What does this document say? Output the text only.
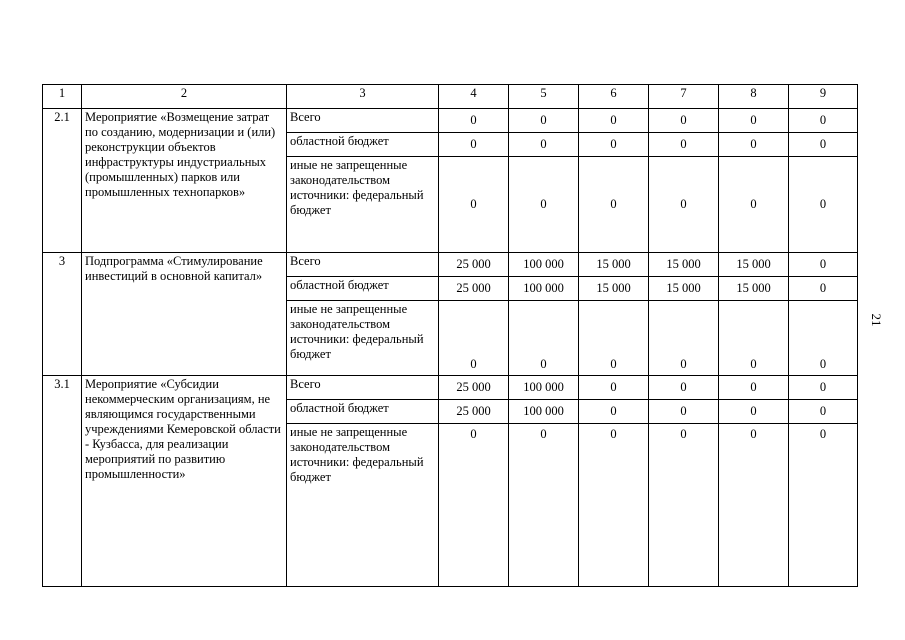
1	2	3	4	5	6	7	8	9
2.1	Мероприятие «Возмещение затрат по созданию, модернизации и (или) реконструкции объектов инфраструктуры индустриальных (промышленных) парков или промышленных технопарков»	Всего	0	0	0	0	0	0
		областной бюджет	0	0	0	0	0	0
		иные не запрещенные законодательством источники: федеральный бюджет	0	0	0	0	0	0
3	Подпрограмма «Стимулирование инвестиций в основной капитал»	Всего	25 000	100 000	15 000	15 000	15 000	0
		областной бюджет	25 000	100 000	15 000	15 000	15 000	0
		иные не запрещенные законодательством источники: федеральный бюджет	0	0	0	0	0	0
3.1	Мероприятие «Субсидии некоммерческим организациям, не являющимся государственными учреждениями Кемеровской области - Кузбасса, для реализации мероприятий по развитию промышленности»	Всего	25 000	100 000	0	0	0	0
		областной бюджет	25 000	100 000	0	0	0	0
		иные не запрещенные законодательством источники: федеральный бюджет	0	0	0	0	0	0
21
